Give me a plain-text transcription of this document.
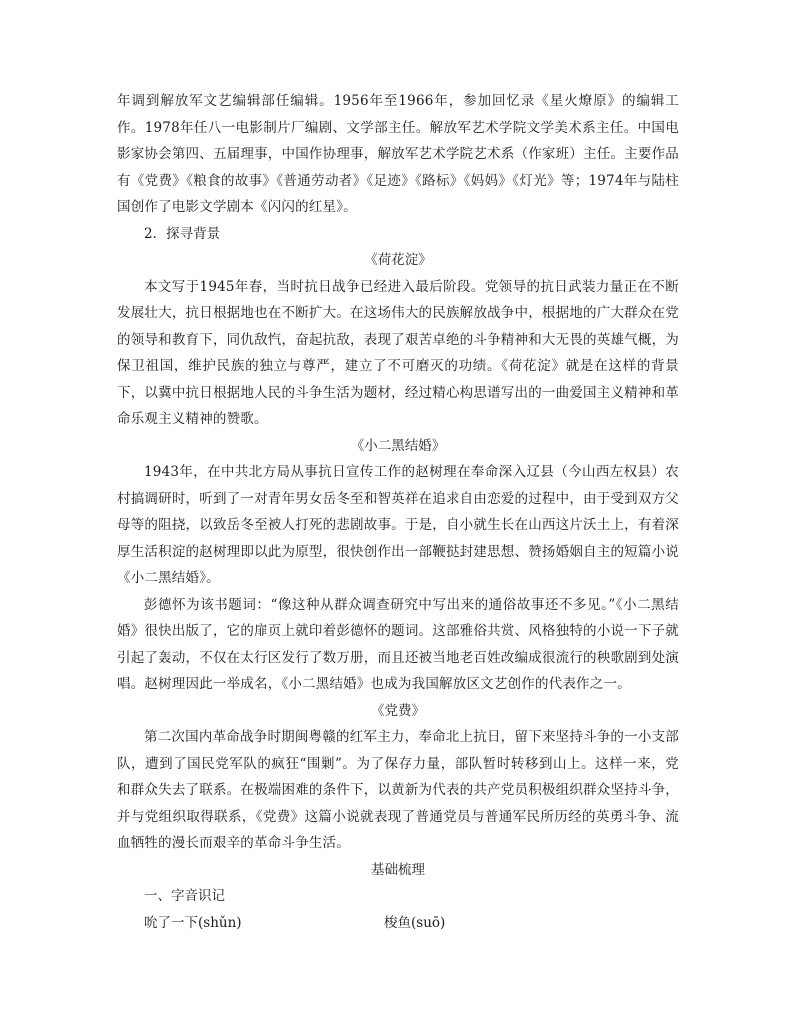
年调到解放军文艺编辑部任编辑。1956年至1966年，参加回忆录《星火燎原》的编辑工作。1978年任八一电影制片厂编剧、文学部主任。解放军艺术学院文学美术系主任。中国电影家协会第四、五届理事，中国作协理事，解放军艺术学院艺术系（作家班）主任。主要作品有《党费》《粮食的故事》《普通劳动者》《足迹》《路标》《妈妈》《灯光》等；1974年与陆柱国创作了电影文学剧本《闪闪的红星》。

2．探寻背景
《荷花淀》

本文写于1945年春，当时抗日战争已经进入最后阶段。党领导的抗日武装力量正在不断发展壮大，抗日根据地也在不断扩大。在这场伟大的民族解放战争中，根据地的广大群众在党的领导和教育下，同仇敌忾，奋起抗敌，表现了艰苦卓绝的斗争精神和大无畏的英雄气概，为保卫祖国，维护民族的独立与尊严，建立了不可磨灭的功绩。《荷花淀》就是在这样的背景下，以冀中抗日根据地人民的斗争生活为题材，经过精心构思谱写出的一曲爱国主义精神和革命乐观主义精神的赞歌。

《小二黑结婚》

1943年，在中共北方局从事抗日宣传工作的赵树理在奉命深入辽县（今山西左权县）农村搞调研时，听到了一对青年男女岳冬至和智英祥在追求自由恋爱的过程中，由于受到双方父母等的阻挠，以致岳冬至被人打死的悲剧故事。于是，自小就生长在山西这片沃土上，有着深厚生活积淀的赵树理即以此为原型，很快创作出一部鞭挞封建思想、赞扬婚姻自主的短篇小说《小二黑结婚》。

彭德怀为该书题词：“像这种从群众调查研究中写出来的通俗故事还不多见。”《小二黑结婚》很快出版了，它的扉页上就印着彭德怀的题词。这部雅俗共赏、风格独特的小说一下子就引起了轰动，不仅在太行区发行了数万册，而且还被当地老百姓改编成很流行的秧歌剧到处演唱。赵树理因此一举成名，《小二黑结婚》也成为我国解放区文艺创作的代表作之一。

《党费》

第二次国内革命战争时期闽粤赣的红军主力，奉命北上抗日，留下来坚持斗争的一小支部队，遭到了国民党军队的疯狂“围剿”。为了保存力量，部队暂时转移到山上。这样一来，党和群众失去了联系。在极端困难的条件下，以黄新为代表的共产党员积极组织群众坚持斗争，并与党组织取得联系，《党费》这篇小说就表现了普通党员与普通军民所历经的英勇斗争、流血牺牲的漫长而艰辛的革命斗争生活。

基础梳理
一、字音识记
吮了一下(shǔn)	梭鱼(suō)
